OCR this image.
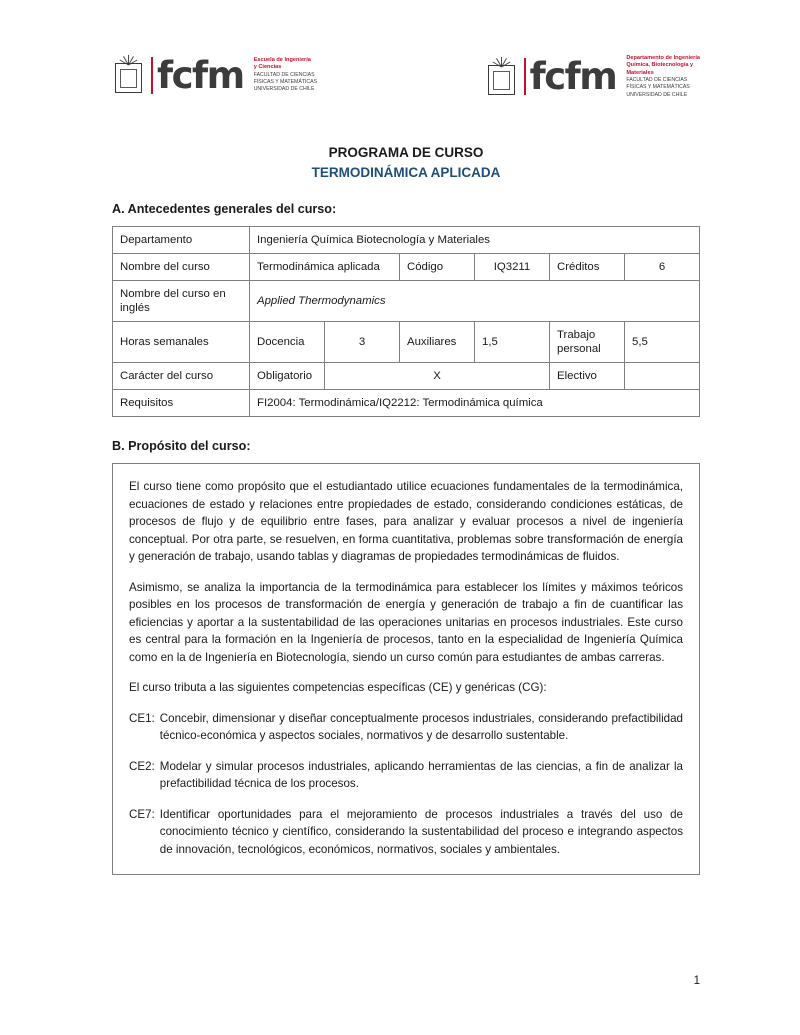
fcfm	Escuela de Ingeniería
y Ciencias
FACULTAD DE CIENCIAS
FÍSICAS Y MATEMÁTICAS
UNIVERSIDAD DE CHILE	fcfm	Departamento de Ingeniería
Química, Biotecnología y
Materiales
FACULTAD DE CIENCIAS
FÍSICAS Y MATEMÁTICAS
UNIVERSIDAD DE CHILE
PROGRAMA DE CURSO
TERMODINÁMICA APLICADA
A. Antecedentes generales del curso:
Departamento	Ingeniería Química Biotecnología y Materiales					
Nombre del curso	Termodinámica aplicada		Código	IQ3211	Créditos	6
Nombre del curso en inglés	Applied Thermodynamics					
Horas semanales	Docencia	3	Auxiliares	1,5	Trabajo personal	5,5
Carácter del curso	Obligatorio	X			Electivo	
Requisitos	FI2004: Termodinámica/IQ2212: Termodinámica química					
B. Propósito del curso:

El curso tiene como propósito que el estudiantado utilice ecuaciones fundamentales de la termodinámica, ecuaciones de estado y relaciones entre propiedades de estado, considerando condiciones estáticas, de procesos de flujo y de equilibrio entre fases, para analizar y evaluar procesos a nivel de ingeniería conceptual. Por otra parte, se resuelven, en forma cuantitativa, problemas sobre transformación de energía y generación de trabajo, usando tablas y diagramas de propiedades termodinámicas de fluidos.

Asimismo, se analiza la importancia de la termodinámica para establecer los límites y máximos teóricos posibles en los procesos de transformación de energía y generación de trabajo a fin de cuantificar las eficiencias y aportar a la sustentabilidad de las operaciones unitarias en procesos industriales. Este curso es central para la formación en la Ingeniería de procesos, tanto en la especialidad de Ingeniería Química como en la de Ingeniería en Biotecnología, siendo un curso común para estudiantes de ambas carreras.

El curso tributa a las siguientes competencias específicas (CE) y genéricas (CG):

CE1: Concebir, dimensionar y diseñar conceptualmente procesos industriales, considerando prefactibilidad técnico-económica y aspectos sociales, normativos y de desarrollo sustentable.
CE2: Modelar y simular procesos industriales, aplicando herramientas de las ciencias, a fin de analizar la prefactibilidad técnica de los procesos.
CE7: Identificar oportunidades para el mejoramiento de procesos industriales a través del uso de conocimiento técnico y científico, considerando la sustentabilidad del proceso e integrando aspectos de innovación, tecnológicos, económicos, normativos, sociales y ambientales.
1
